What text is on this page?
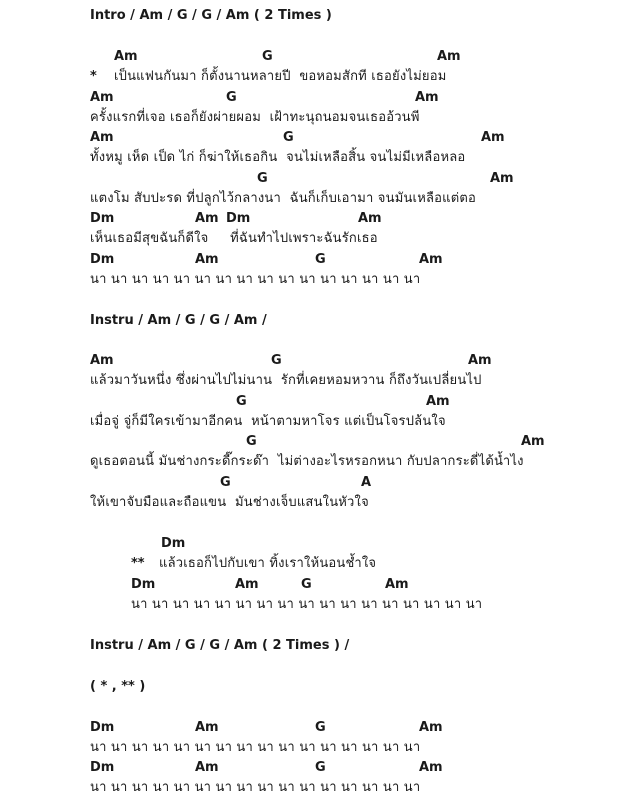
Intro / Am / G / G / Am ( 2 Times )
Am	G	Am
* เป็นแฟนกันมา ก็ตั้งนานหลายปี  ขอหอมสักที เธอยังไม่ยอม
Am	G	Am
ครั้งแรกที่เจอ เธอก็ยังผ่ายผอม  เฝ้าทะนุถนอมจนเธออ้วนพี
Am	G	Am
ทั้งหมู เห็ด เป็ด ไก่ ก็ฆ่าให้เธอกิน  จนไม่เหลือสิ้น จนไม่มีเหลือหลอ
G	Am
แตงโม สับปะรด ที่ปลูกไว้กลางนา  ฉันก็เก็บเอามา จนมันเหลือแต่ตอ
Dm	Am Dm	Am
เห็นเธอมีสุขฉันก็ดีใจ     ที่ฉันทำไปเพราะฉันรักเธอ
Dm	Am	G	Am
นา นา นา นา นา นา นา นา นา นา นา นา นา นา นา นา
Instru / Am / G / G / Am /
Am	G	Am
แล้วมาวันหนึ่ง ซึ่งผ่านไปไม่นาน  รักที่เคยหอมหวาน ก็ถึงวันเปลี่ยนไป
G	Am
เมื่อจู่ จู่ก็มีใครเข้ามาอีกคน  หน้าตามหาโจร แต่เป็นโจรปล้นใจ
G	Am
ดูเธอตอนนี้ มันช่างกระดี๊กระด๊า  ไม่ต่างอะไรหรอกหนา กับปลากระดี่ได้น้ำไง
G	A
ให้เขาจับมือและถือแขน  มันช่างเจ็บแสนในหัวใจ
Dm
** แล้วเธอก็ไปกับเขา ทิ้งเราให้นอนช้ำใจ
Dm	Am	G	Am
นา นา นา นา นา นา นา นา นา นา นา นา นา นา นา นา นา
Instru / Am / G / G / Am ( 2 Times ) /
( * , ** )
Dm	Am	G	Am
นา นา นา นา นา นา นา นา นา นา นา นา นา นา นา นา
Dm	Am	G	Am
นา นา นา นา นา นา นา นา นา นา นา นา นา นา นา นา
